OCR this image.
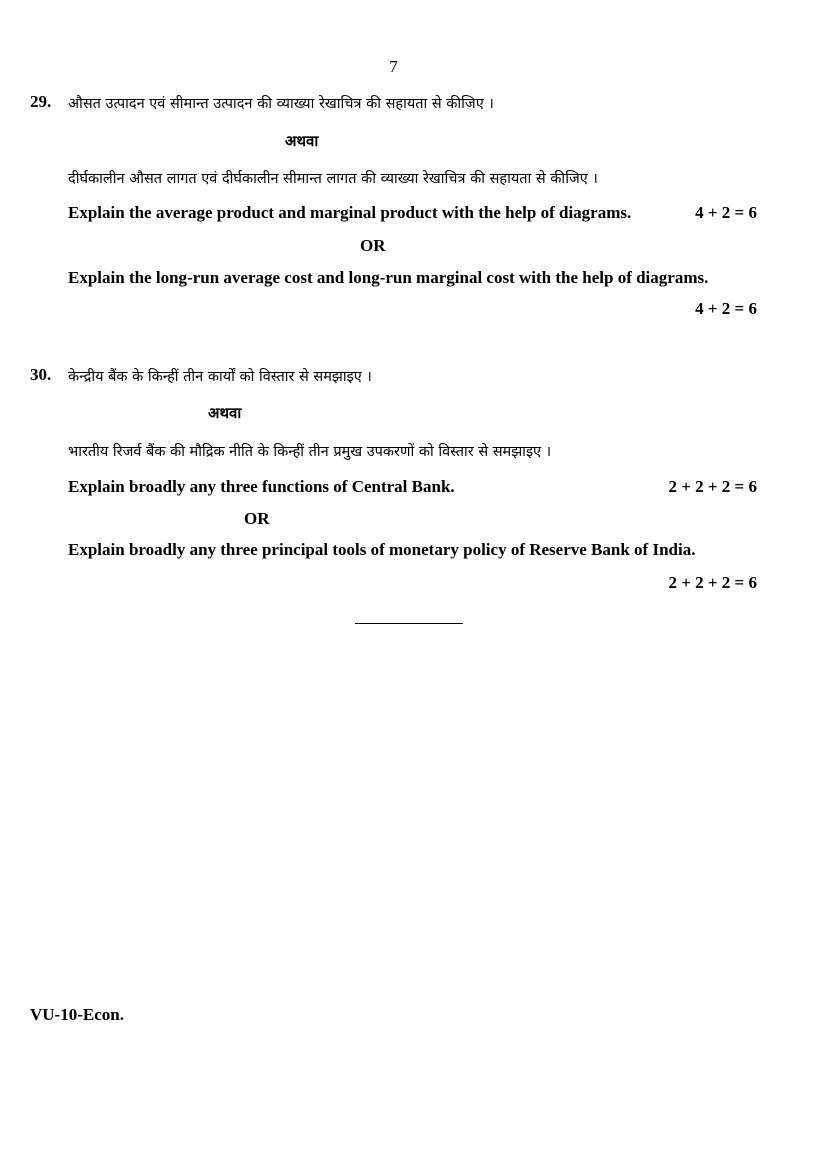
7
29. औसत उत्पादन एवं सीमान्त उत्पादन की व्याख्या रेखाचित्र की सहायता से कीजिए ।
अथवा
दीर्घकालीन औसत लागत एवं दीर्घकालीन सीमान्त लागत की व्याख्या रेखाचित्र की सहायता से कीजिए ।
Explain the average product and marginal product with the help of diagrams.	4 + 2 = 6
OR
Explain the long-run average cost and long-run marginal cost with the help of diagrams.
4 + 2 = 6
30. केन्द्रीय बैंक के किन्हीं तीन कार्यों को विस्तार से समझाइए ।
अथवा
भारतीय रिजर्व बैंक की मौद्रिक नीति के किन्हीं तीन प्रमुख उपकरणों को विस्तार से समझाइए ।
Explain broadly any three functions of Central Bank.	2 + 2 + 2 = 6
OR
Explain broadly any three principal tools of monetary policy of Reserve Bank of India.
2 + 2 + 2 = 6
VU-10-Econ.
